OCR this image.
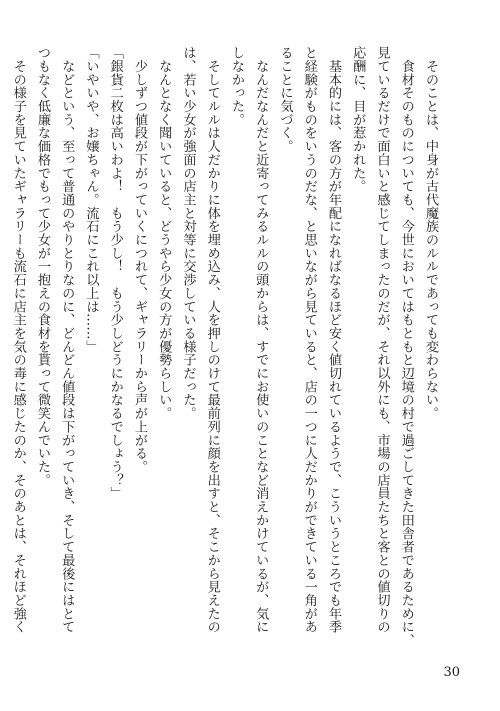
　そのことは、中身が古代魔族のルルであっても変わらない。
　食材そのものについても、今世においてはもともと辺境の村で過ごしてきた田舎者であるために、
見ているだけで面白いと感じてしまったのだが、それ以外にも、市場の店員たちと客との値切りの
応酬に、目が惹かれた。
　基本的には、客の方が年配になればなるほど安く値切れているようで、こういうところでも年季
と経験がものをいうのだな、と思いながら見ていると、店の一つに人だかりができている一角があ
ることに気づく。
　なんだなんだと近寄ってみるルルの頭からは、すでにお使いのことなど消えかけているが、気に
しなかった。
　そしてルルは人だかりに体を埋め込み、人を押しのけて最前列に顔を出すと、そこから見えたの
は、若い少女が強面の店主と対等に交渉している様子だった。
　なんとなく聞いていると、どうやら少女の方が優勢らしい。
　少しずつ値段が下がっていくにつれて、ギャラリーから声が上がる。
「銀貨二枚は高いわよ！　もう少し！　もう少しどうにかなるでしょう？」
「いやいや、お嬢ちゃん。流石にこれ以上は……」
　などという、至って普通のやりとりなのに、どんどん値段は下がっていき、そして最後にはとて
つもなく低廉な価格でもって少女が一抱えの食材を貰って微笑んでいた。
　その様子を見ていたギャラリーも流石に店主を気の毒に感じたのか、そのあとは、それほど強く
30
